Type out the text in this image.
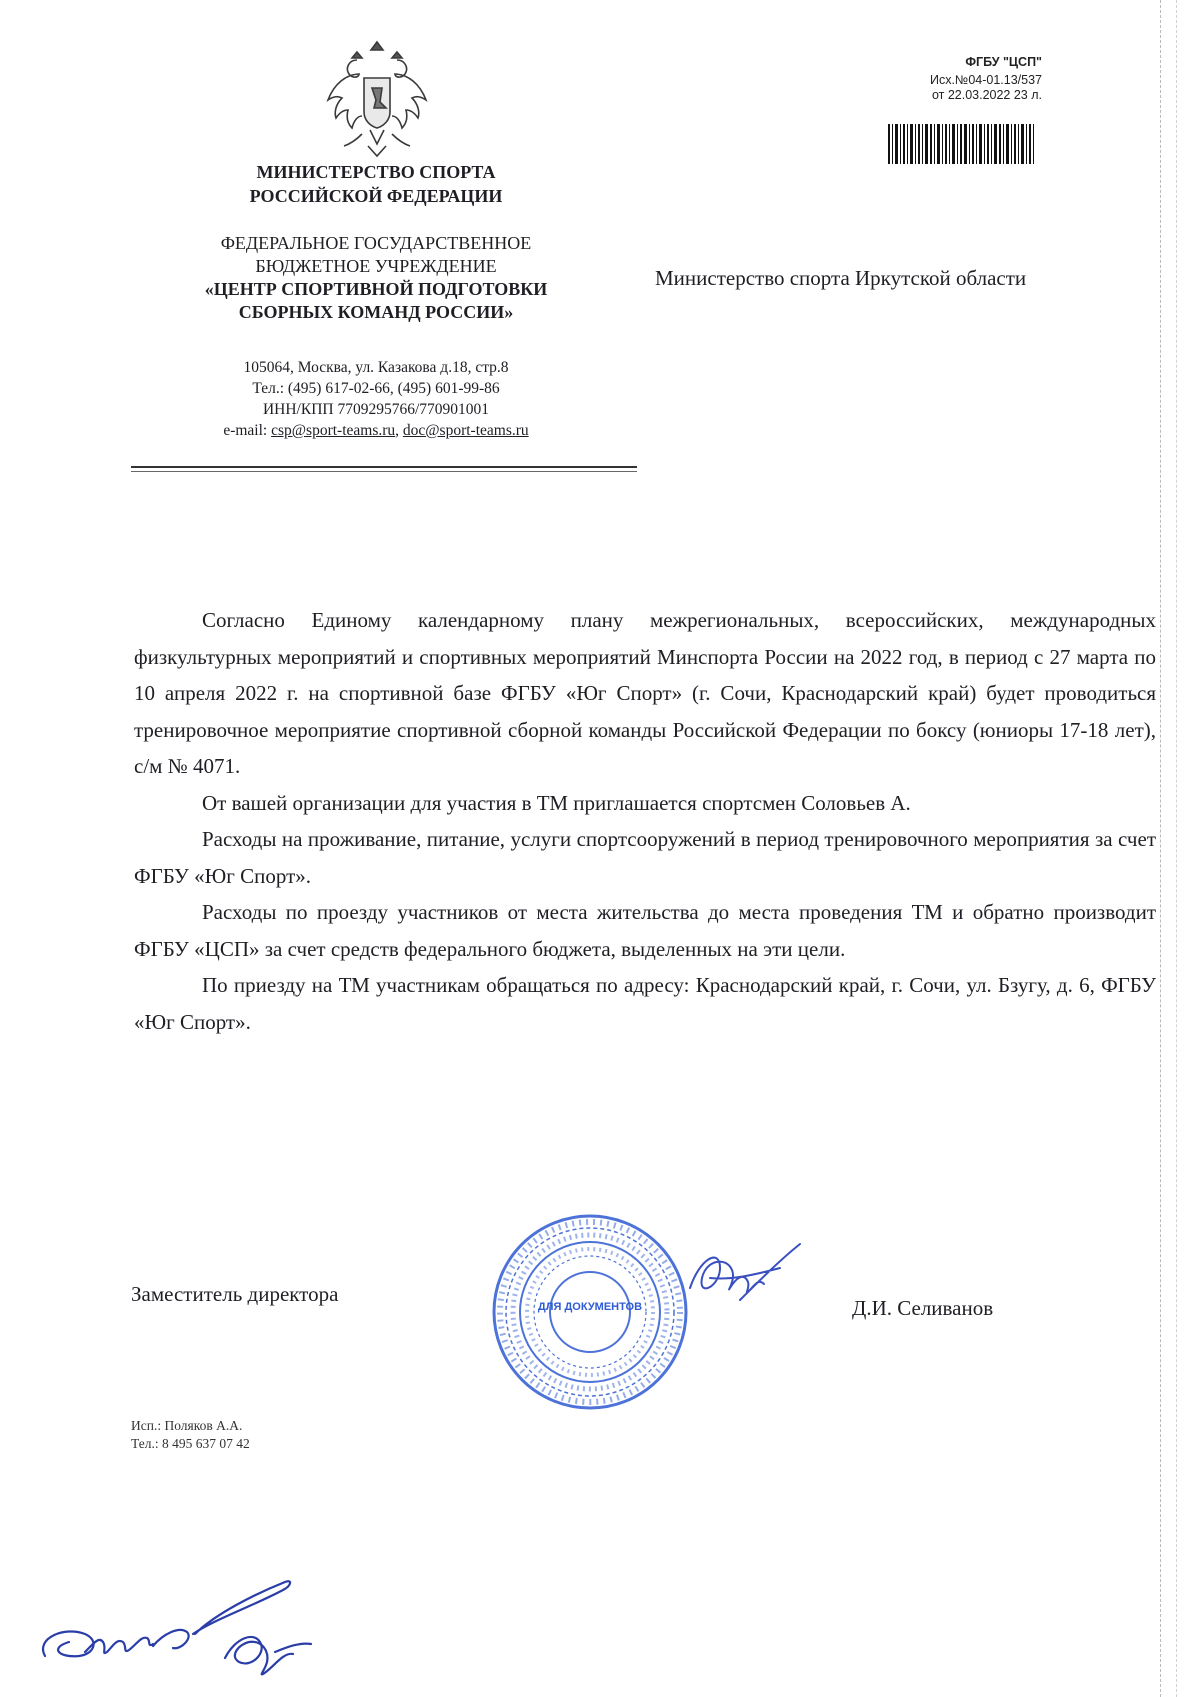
МИНИСТЕРСТВО СПОРТА
РОССИЙСКОЙ ФЕДЕРАЦИИ
ФЕДЕРАЛЬНОЕ ГОСУДАРСТВЕННОЕ
БЮДЖЕТНОЕ УЧРЕЖДЕНИЕ
«ЦЕНТР СПОРТИВНОЙ ПОДГОТОВКИ
СБОРНЫХ КОМАНД РОССИИ»
105064, Москва, ул. Казакова д.18, стр.8
Тел.: (495) 617-02-66, (495) 601-99-86
ИНН/КПП 7709295766/770901001
e-mail: csp@sport-teams.ru, doc@sport-teams.ru
ФГБУ "ЦСП"
Исх.№04-01.13/537
от 22.03.2022 23 л.
Министерство спорта Иркутской области

Согласно Единому календарному плану межрегиональных, всероссийских, международных физкультурных мероприятий и спортивных мероприятий Минспорта России на 2022 год, в период с 27 марта по 10 апреля 2022 г. на спортивной базе ФГБУ «Юг Спорт» (г. Сочи, Краснодарский край) будет проводиться тренировочное мероприятие спортивной сборной команды Российской Федерации по боксу (юниоры 17-18 лет), с/м № 4071.

От вашей организации для участия в ТМ приглашается спортсмен Соловьев А.

Расходы на проживание, питание, услуги спортсооружений в период тренировочного мероприятия за счет ФГБУ «Юг Спорт».

Расходы по проезду участников от места жительства до места проведения ТМ и обратно производит ФГБУ «ЦСП» за счет средств федерального бюджета, выделенных на эти цели.

По приезду на ТМ участникам обращаться по адресу: Краснодарский край, г. Сочи, ул. Бзугу, д. 6, ФГБУ «Юг Спорт».

Заместитель директора
ДЛЯ ДОКУМЕНТОВ	Д.И. Селиванов
Исп.: Поляков А.А.
Тел.: 8 495 637 07 42
